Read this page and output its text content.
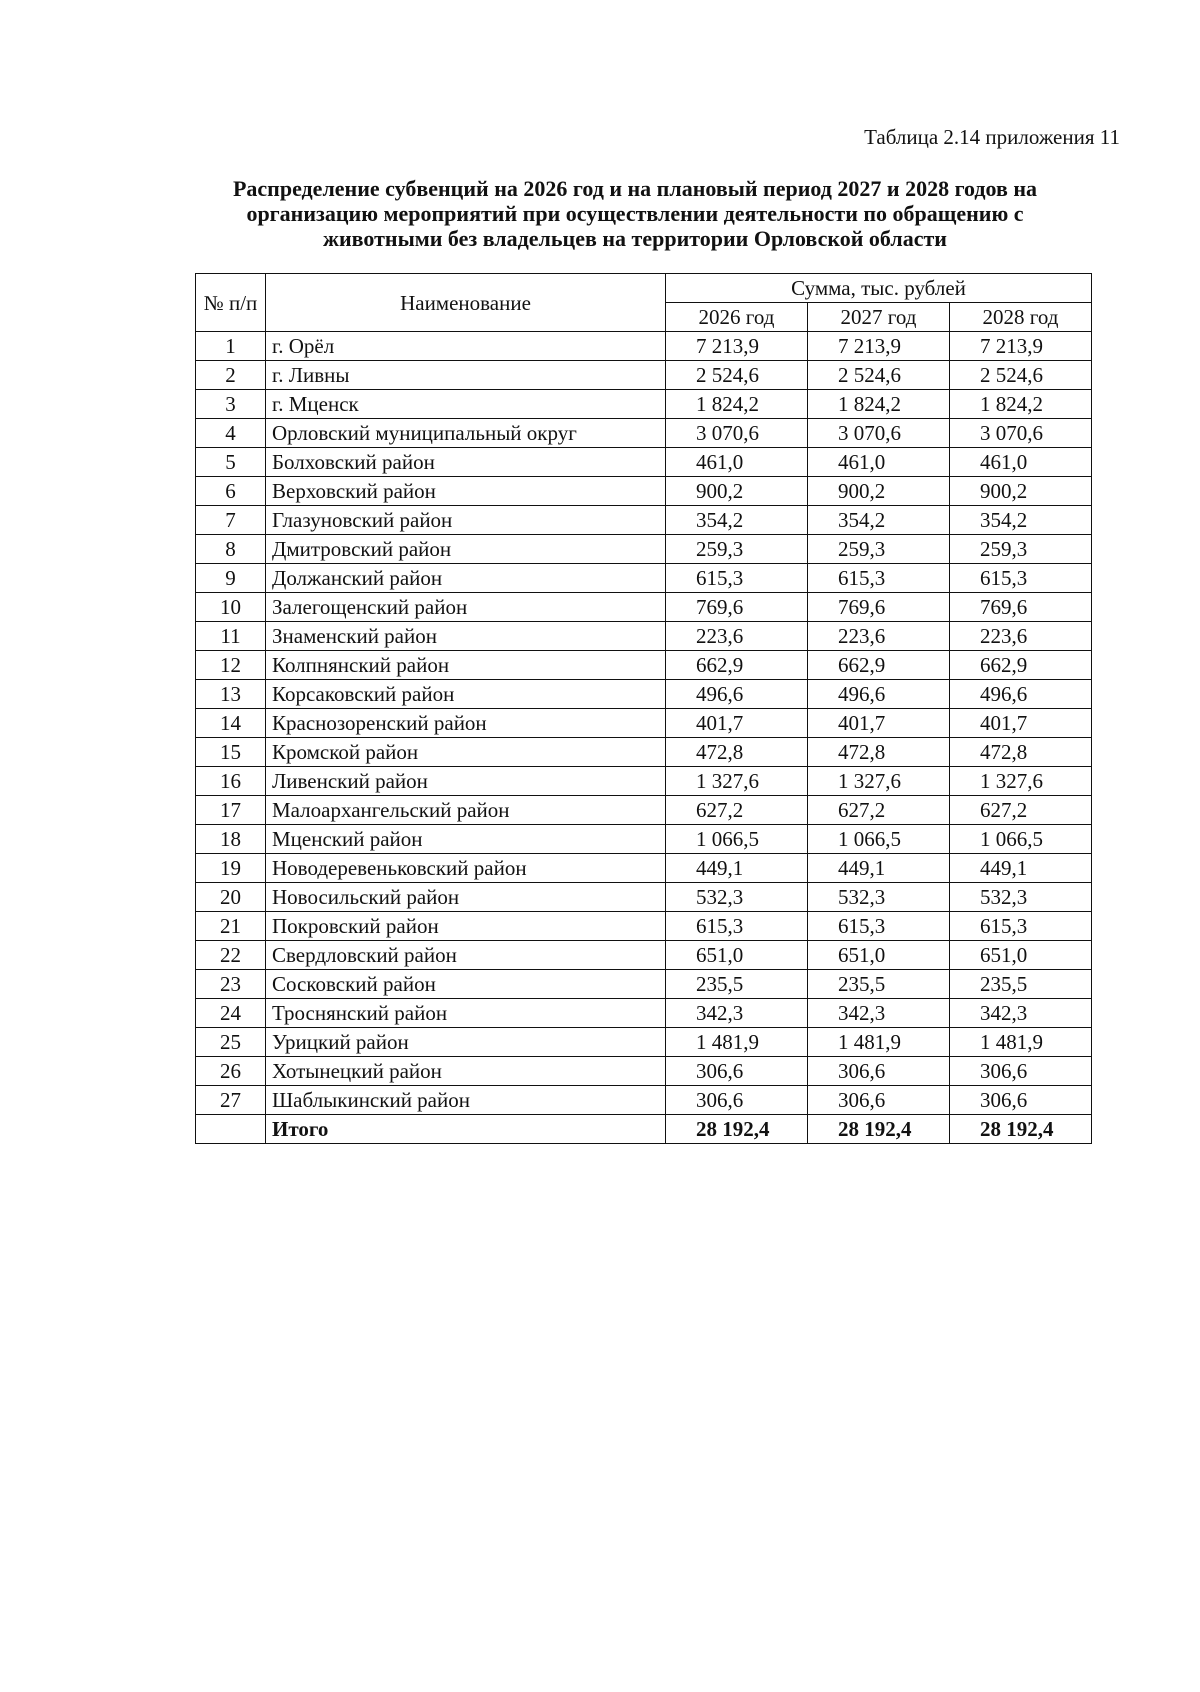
Таблица 2.14 приложения 11
Распределение субвенций на 2026 год и на плановый период 2027 и 2028 годов на
организацию мероприятий при осуществлении деятельности по обращению с
животными без владельцев на территории Орловской области
№ п/п	Наименование	Сумма, тыс. рублей		
		2026 год	2027 год	2028 год
1	г. Орёл	7 213,9	7 213,9	7 213,9
2	г. Ливны	2 524,6	2 524,6	2 524,6
3	г. Мценск	1 824,2	1 824,2	1 824,2
4	Орловский муниципальный округ	3 070,6	3 070,6	3 070,6
5	Болховский район	461,0	461,0	461,0
6	Верховский район	900,2	900,2	900,2
7	Глазуновский район	354,2	354,2	354,2
8	Дмитровский район	259,3	259,3	259,3
9	Должанский район	615,3	615,3	615,3
10	Залегощенский район	769,6	769,6	769,6
11	Знаменский район	223,6	223,6	223,6
12	Колпнянский район	662,9	662,9	662,9
13	Корсаковский район	496,6	496,6	496,6
14	Краснозоренский район	401,7	401,7	401,7
15	Кромской район	472,8	472,8	472,8
16	Ливенский район	1 327,6	1 327,6	1 327,6
17	Малоархангельский район	627,2	627,2	627,2
18	Мценский район	1 066,5	1 066,5	1 066,5
19	Новодеревеньковский район	449,1	449,1	449,1
20	Новосильский район	532,3	532,3	532,3
21	Покровский район	615,3	615,3	615,3
22	Свердловский район	651,0	651,0	651,0
23	Сосковский район	235,5	235,5	235,5
24	Троснянский район	342,3	342,3	342,3
25	Урицкий район	1 481,9	1 481,9	1 481,9
26	Хотынецкий район	306,6	306,6	306,6
27	Шаблыкинский район	306,6	306,6	306,6
	Итого	28 192,4	28 192,4	28 192,4
